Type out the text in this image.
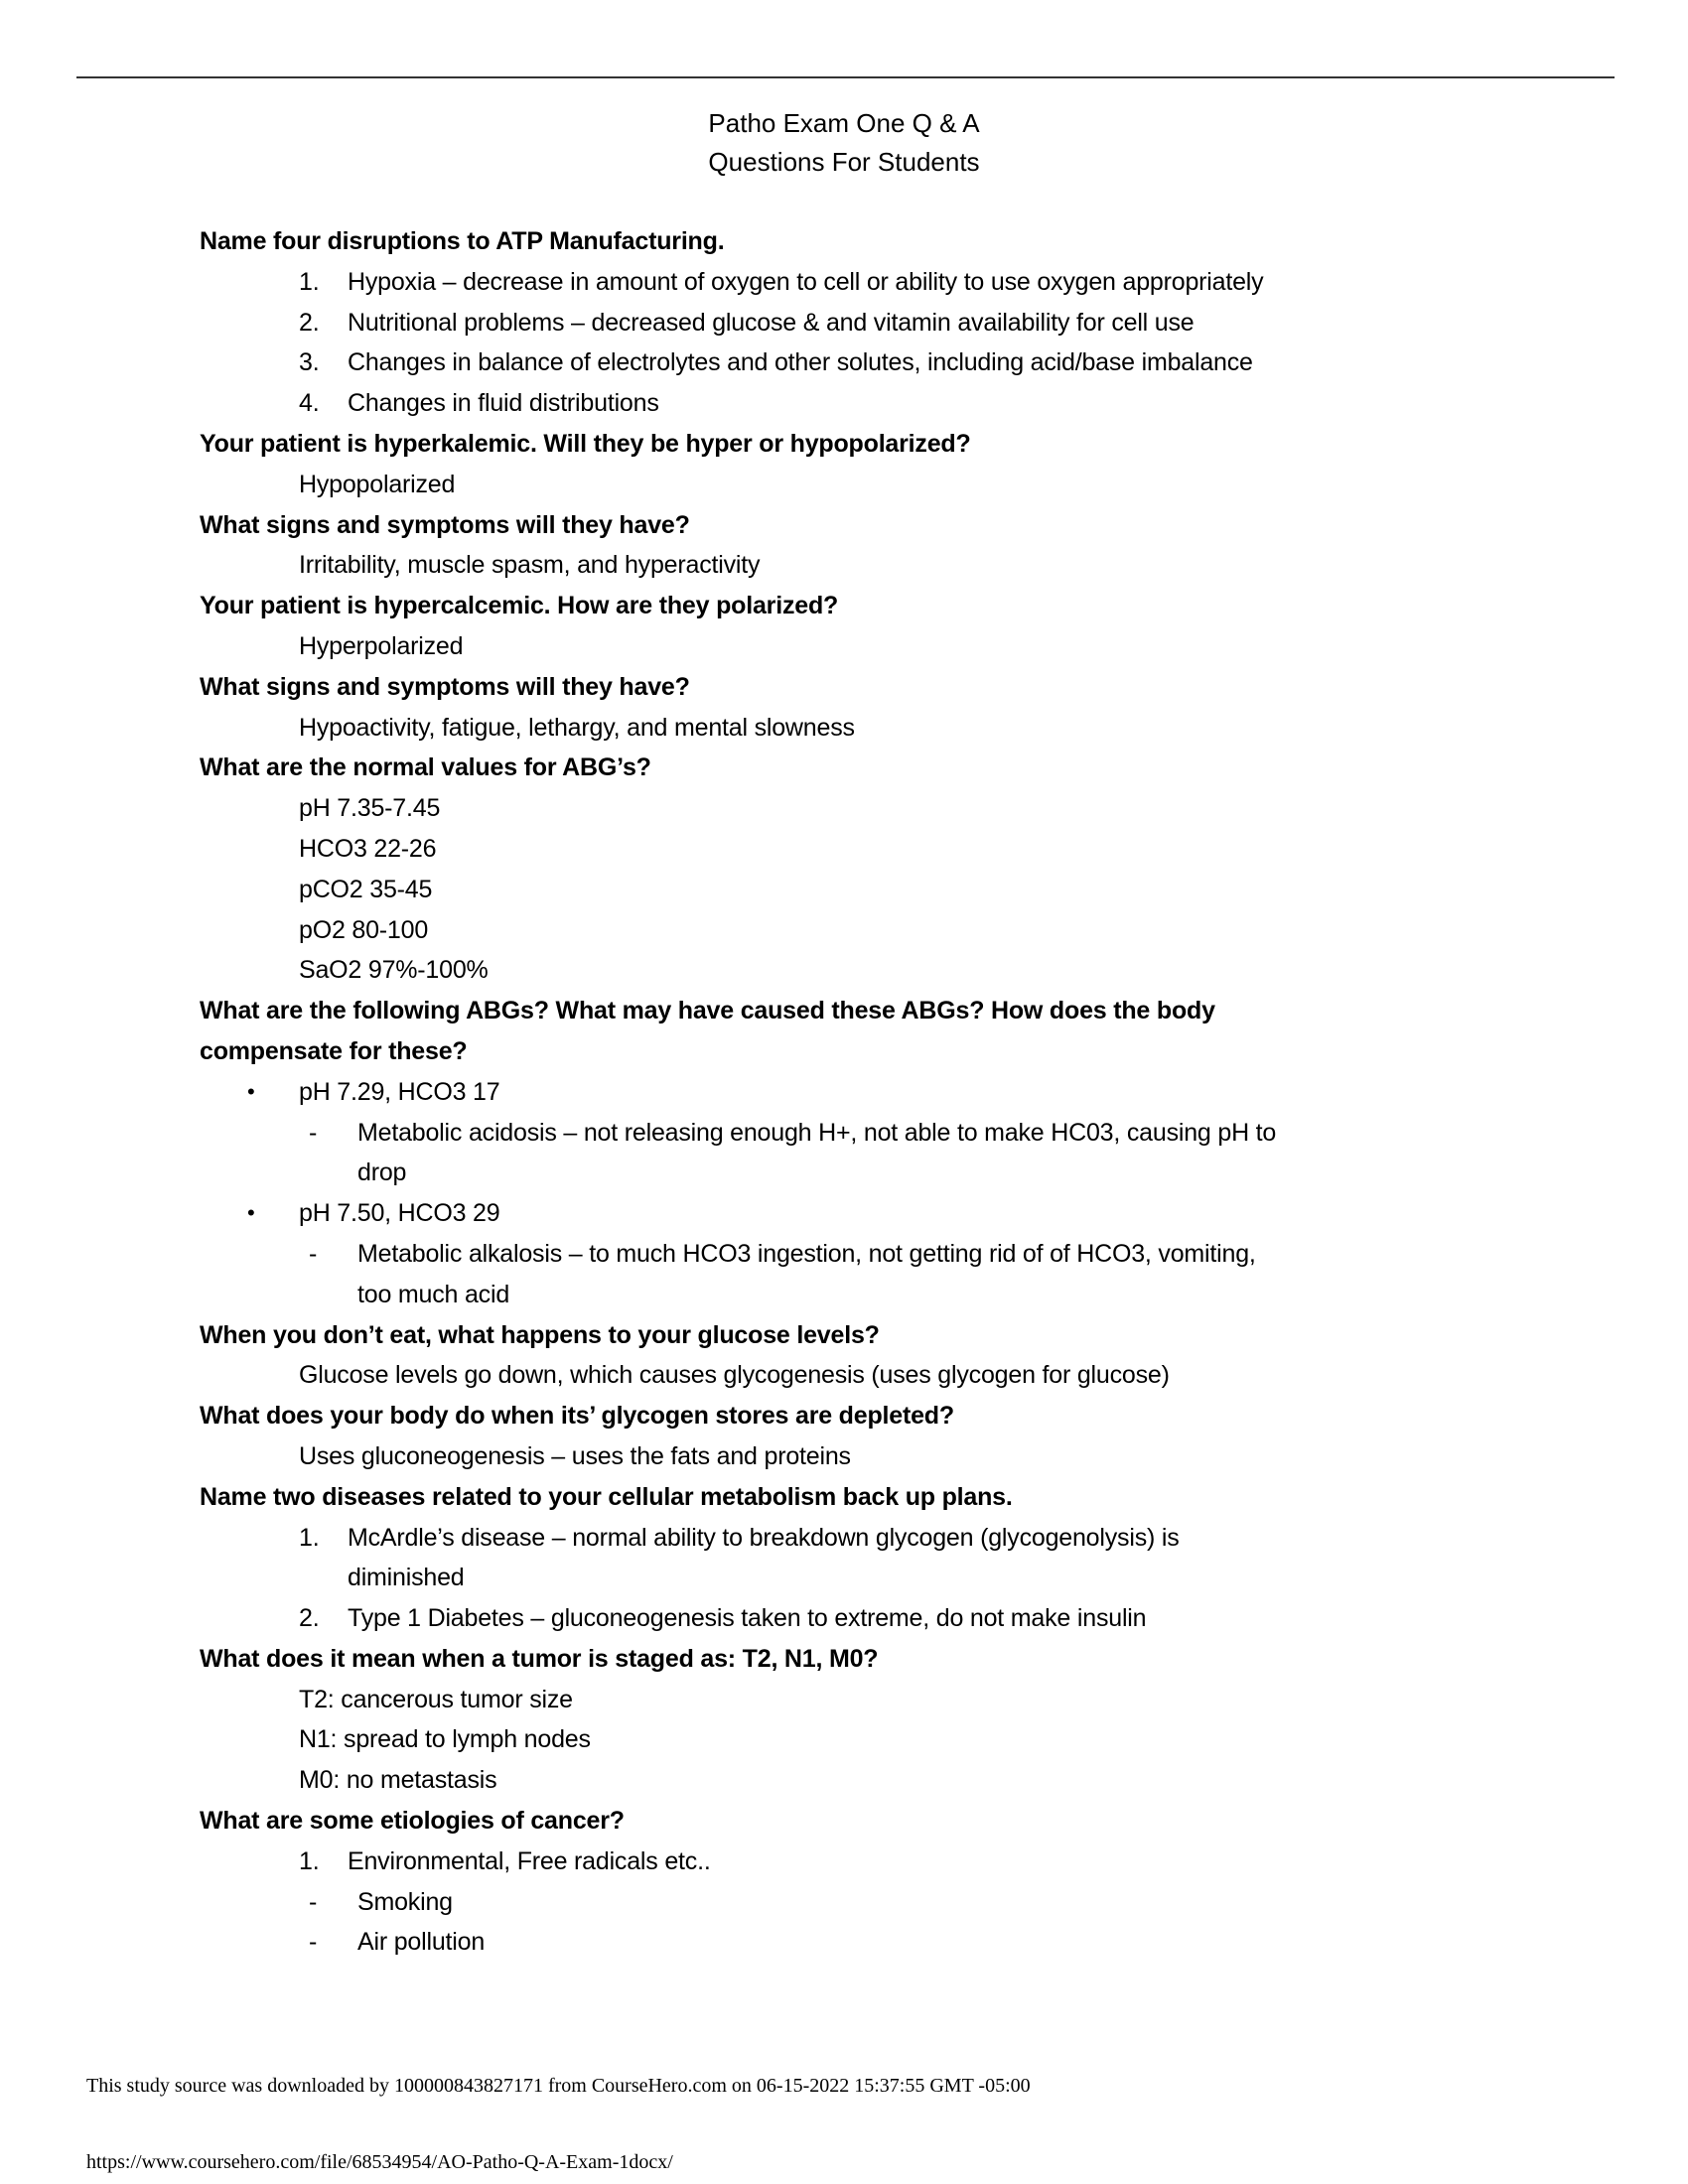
Patho Exam One Q & A
Questions For Students
Name four disruptions to ATP Manufacturing.
1.	Hypoxia – decrease in amount of oxygen to cell or ability to use oxygen appropriately
2.	Nutritional problems – decreased glucose & and vitamin availability for cell use
3.	Changes in balance of electrolytes and other solutes, including acid/base imbalance
4.	Changes in fluid distributions
Your patient is hyperkalemic. Will they be hyper or hypopolarized?
Hypopolarized
What signs and symptoms will they have?
Irritability, muscle spasm, and hyperactivity
Your patient is hypercalcemic. How are they polarized?
Hyperpolarized
What signs and symptoms will they have?
Hypoactivity, fatigue, lethargy, and mental slowness
What are the normal values for ABG’s?
pH 7.35-7.45
HCO3 22-26
pCO2 35-45
pO2 80-100
SaO2 97%-100%
What are the following ABGs? What may have caused these ABGs? How does the body
compensate for these?
•	pH 7.29, HCO3 17
-	Metabolic acidosis – not releasing enough H+, not able to make HC03, causing pH to
drop
•	pH 7.50, HCO3 29
-	Metabolic alkalosis – to much HCO3 ingestion, not getting rid of of HCO3, vomiting,
too much acid
When you don’t eat, what happens to your glucose levels?
Glucose levels go down, which causes glycogenesis (uses glycogen for glucose)
What does your body do when its’ glycogen stores are depleted?
Uses gluconeogenesis – uses the fats and proteins
Name two diseases related to your cellular metabolism back up plans.
1.	McArdle’s disease – normal ability to breakdown glycogen (glycogenolysis) is
diminished
2.	Type 1 Diabetes – gluconeogenesis taken to extreme, do not make insulin
What does it mean when a tumor is staged as: T2, N1, M0?
T2: cancerous tumor size
N1: spread to lymph nodes
M0: no metastasis
What are some etiologies of cancer?
1.	Environmental, Free radicals etc..
-	Smoking
-	Air pollution
This study source was downloaded by 100000843827171 from CourseHero.com on 06-15-2022 15:37:55 GMT -05:00
https://www.coursehero.com/file/68534954/AO-Patho-Q-A-Exam-1docx/
